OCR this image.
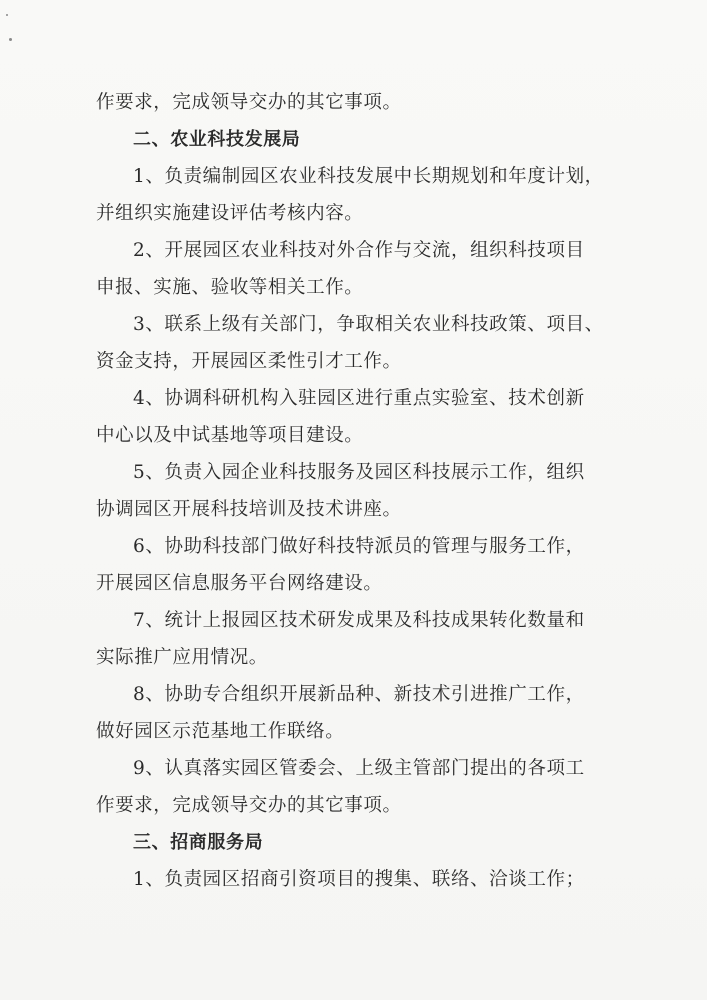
作要求，完成领导交办的其它事项。
二、农业科技发展局
1、负责编制园区农业科技发展中长期规划和年度计划，
并组织实施建设评估考核内容。
2、开展园区农业科技对外合作与交流，组织科技项目
申报、实施、验收等相关工作。
3、联系上级有关部门，争取相关农业科技政策、项目、
资金支持，开展园区柔性引才工作。
4、协调科研机构入驻园区进行重点实验室、技术创新
中心以及中试基地等项目建设。
5、负责入园企业科技服务及园区科技展示工作，组织
协调园区开展科技培训及技术讲座。
6、协助科技部门做好科技特派员的管理与服务工作，
开展园区信息服务平台网络建设。
7、统计上报园区技术研发成果及科技成果转化数量和
实际推广应用情况。
8、协助专合组织开展新品种、新技术引进推广工作，
做好园区示范基地工作联络。
9、认真落实园区管委会、上级主管部门提出的各项工
作要求，完成领导交办的其它事项。
三、招商服务局
1、负责园区招商引资项目的搜集、联络、洽谈工作；
